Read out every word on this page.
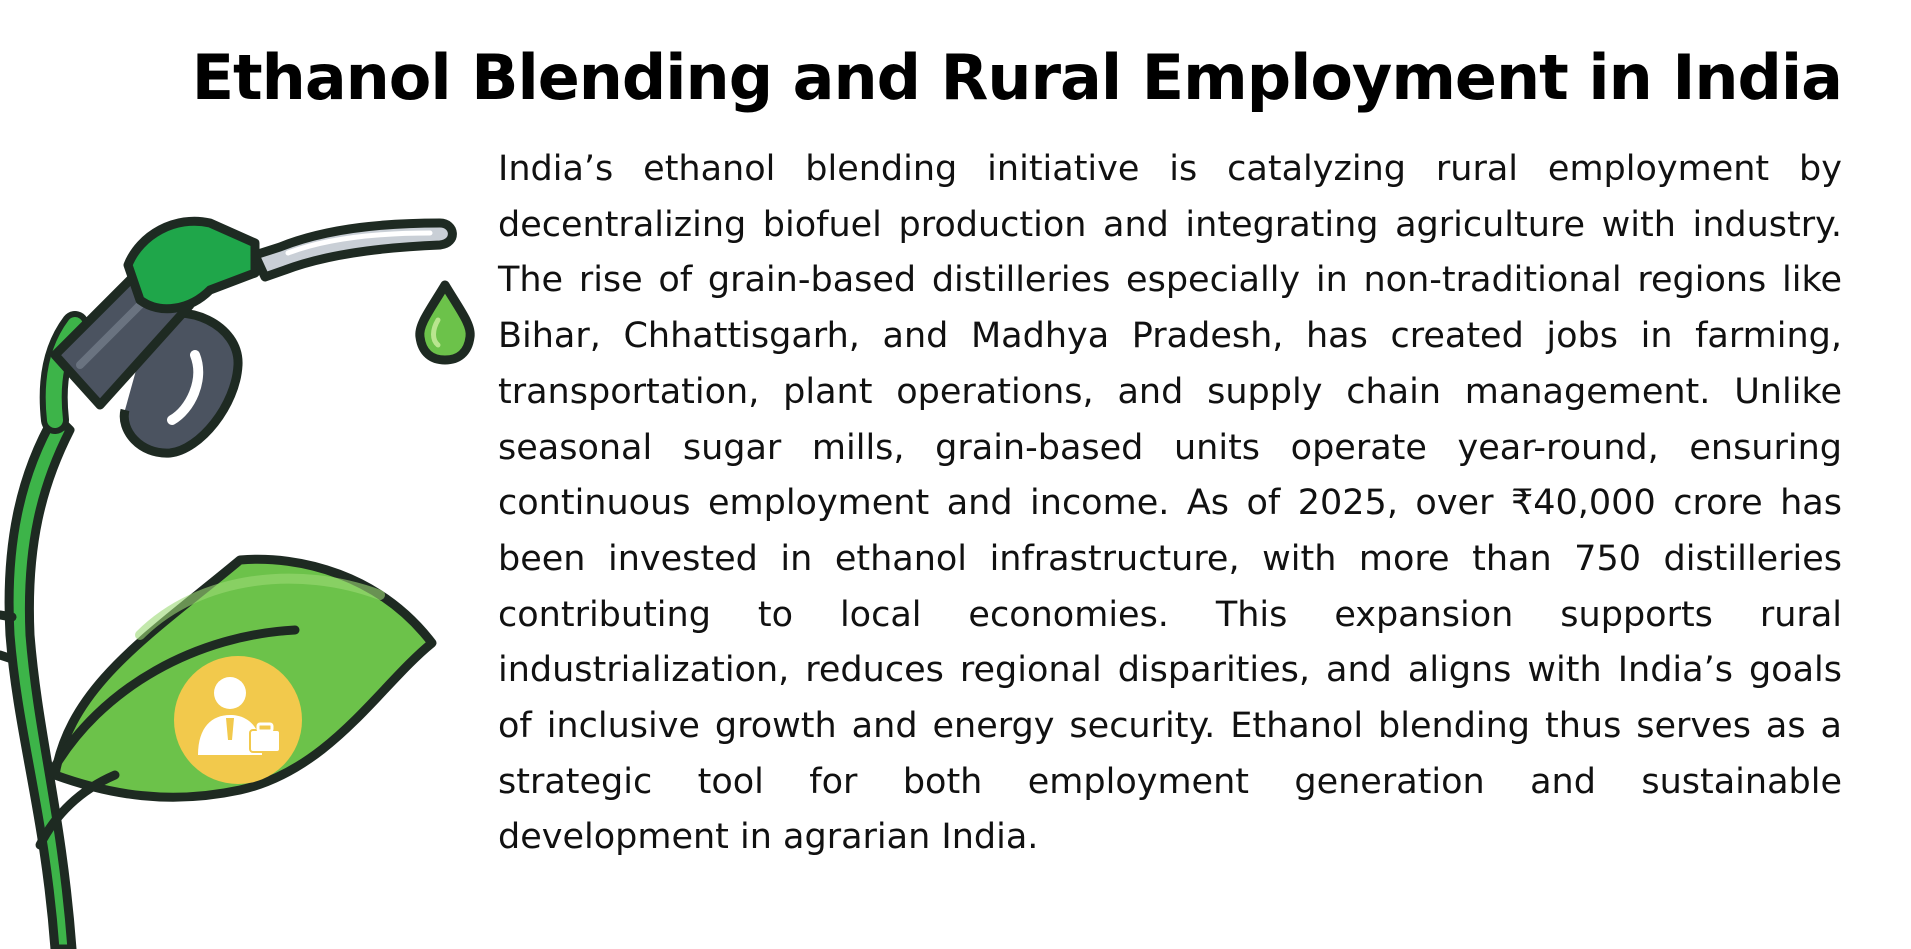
Ethanol Blending and Rural Employment in India

India’s ethanol blending initiative is catalyzing rural employment by decentralizing biofuel production and integrating agriculture with industry. The rise of grain-based distilleries especially in non-traditional regions like Bihar, Chhattisgarh, and Madhya Pradesh, has created jobs in farming, transportation, plant operations, and supply chain management. Unlike seasonal sugar mills, grain-based units operate year-round, ensuring continuous employment and income. As of 2025, over ₹40,000 crore has been invested in ethanol infrastructure, with more than 750 distilleries contributing to local economies. This expansion supports rural industrialization, reduces regional disparities, and aligns with India’s goals of inclusive growth and energy security. Ethanol blending thus serves as a strategic tool for both employment generation and sustainable development in agrarian India.
